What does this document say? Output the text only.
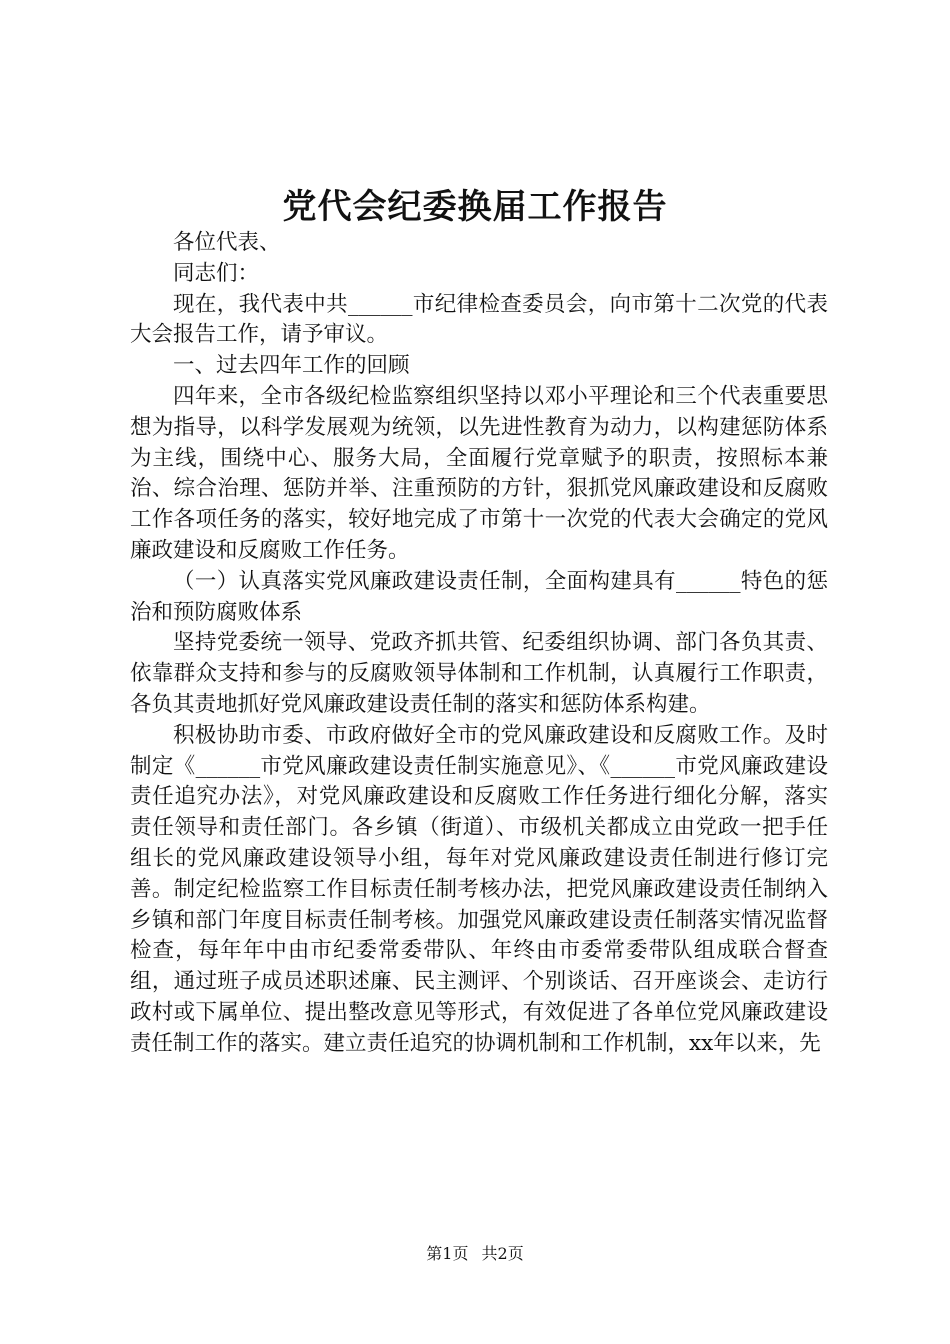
党代会纪委换届工作报告

各位代表、

同志们：

现在，我代表中共______市纪律检查委员会，向市第十二次党的代表大会报告工作，请予审议。

一、过去四年工作的回顾

四年来，全市各级纪检监察组织坚持以邓小平理论和三个代表重要思想为指导，以科学发展观为统领，以先进性教育为动力，以构建惩防体系为主线，围绕中心、服务大局，全面履行党章赋予的职责，按照标本兼治、综合治理、惩防并举、注重预防的方针，狠抓党风廉政建设和反腐败工作各项任务的落实，较好地完成了市第十一次党的代表大会确定的党风廉政建设和反腐败工作任务。

（一）认真落实党风廉政建设责任制，全面构建具有______特色的惩治和预防腐败体系

坚持党委统一领导、党政齐抓共管、纪委组织协调、部门各负其责、依靠群众支持和参与的反腐败领导体制和工作机制，认真履行工作职责，各负其责地抓好党风廉政建设责任制的落实和惩防体系构建。

积极协助市委、市政府做好全市的党风廉政建设和反腐败工作。及时制定《______市党风廉政建设责任制实施意见》、《______市党风廉政建设责任追究办法》，对党风廉政建设和反腐败工作任务进行细化分解，落实责任领导和责任部门。各乡镇（街道）、市级机关都成立由党政一把手任组长的党风廉政建设领导小组，每年对党风廉政建设责任制进行修订完善。制定纪检监察工作目标责任制考核办法，把党风廉政建设责任制纳入乡镇和部门年度目标责任制考核。加强党风廉政建设责任制落实情况监督检查，每年年中由市纪委常委带队、年终由市委常委带队组成联合督查组，通过班子成员述职述廉、民主测评、个别谈话、召开座谈会、走访行政村或下属单位、提出整改意见等形式，有效促进了各单位党风廉政建设责任制工作的落实。建立责任追究的协调机制和工作机制，xx年以来，先

第1页 共2页
